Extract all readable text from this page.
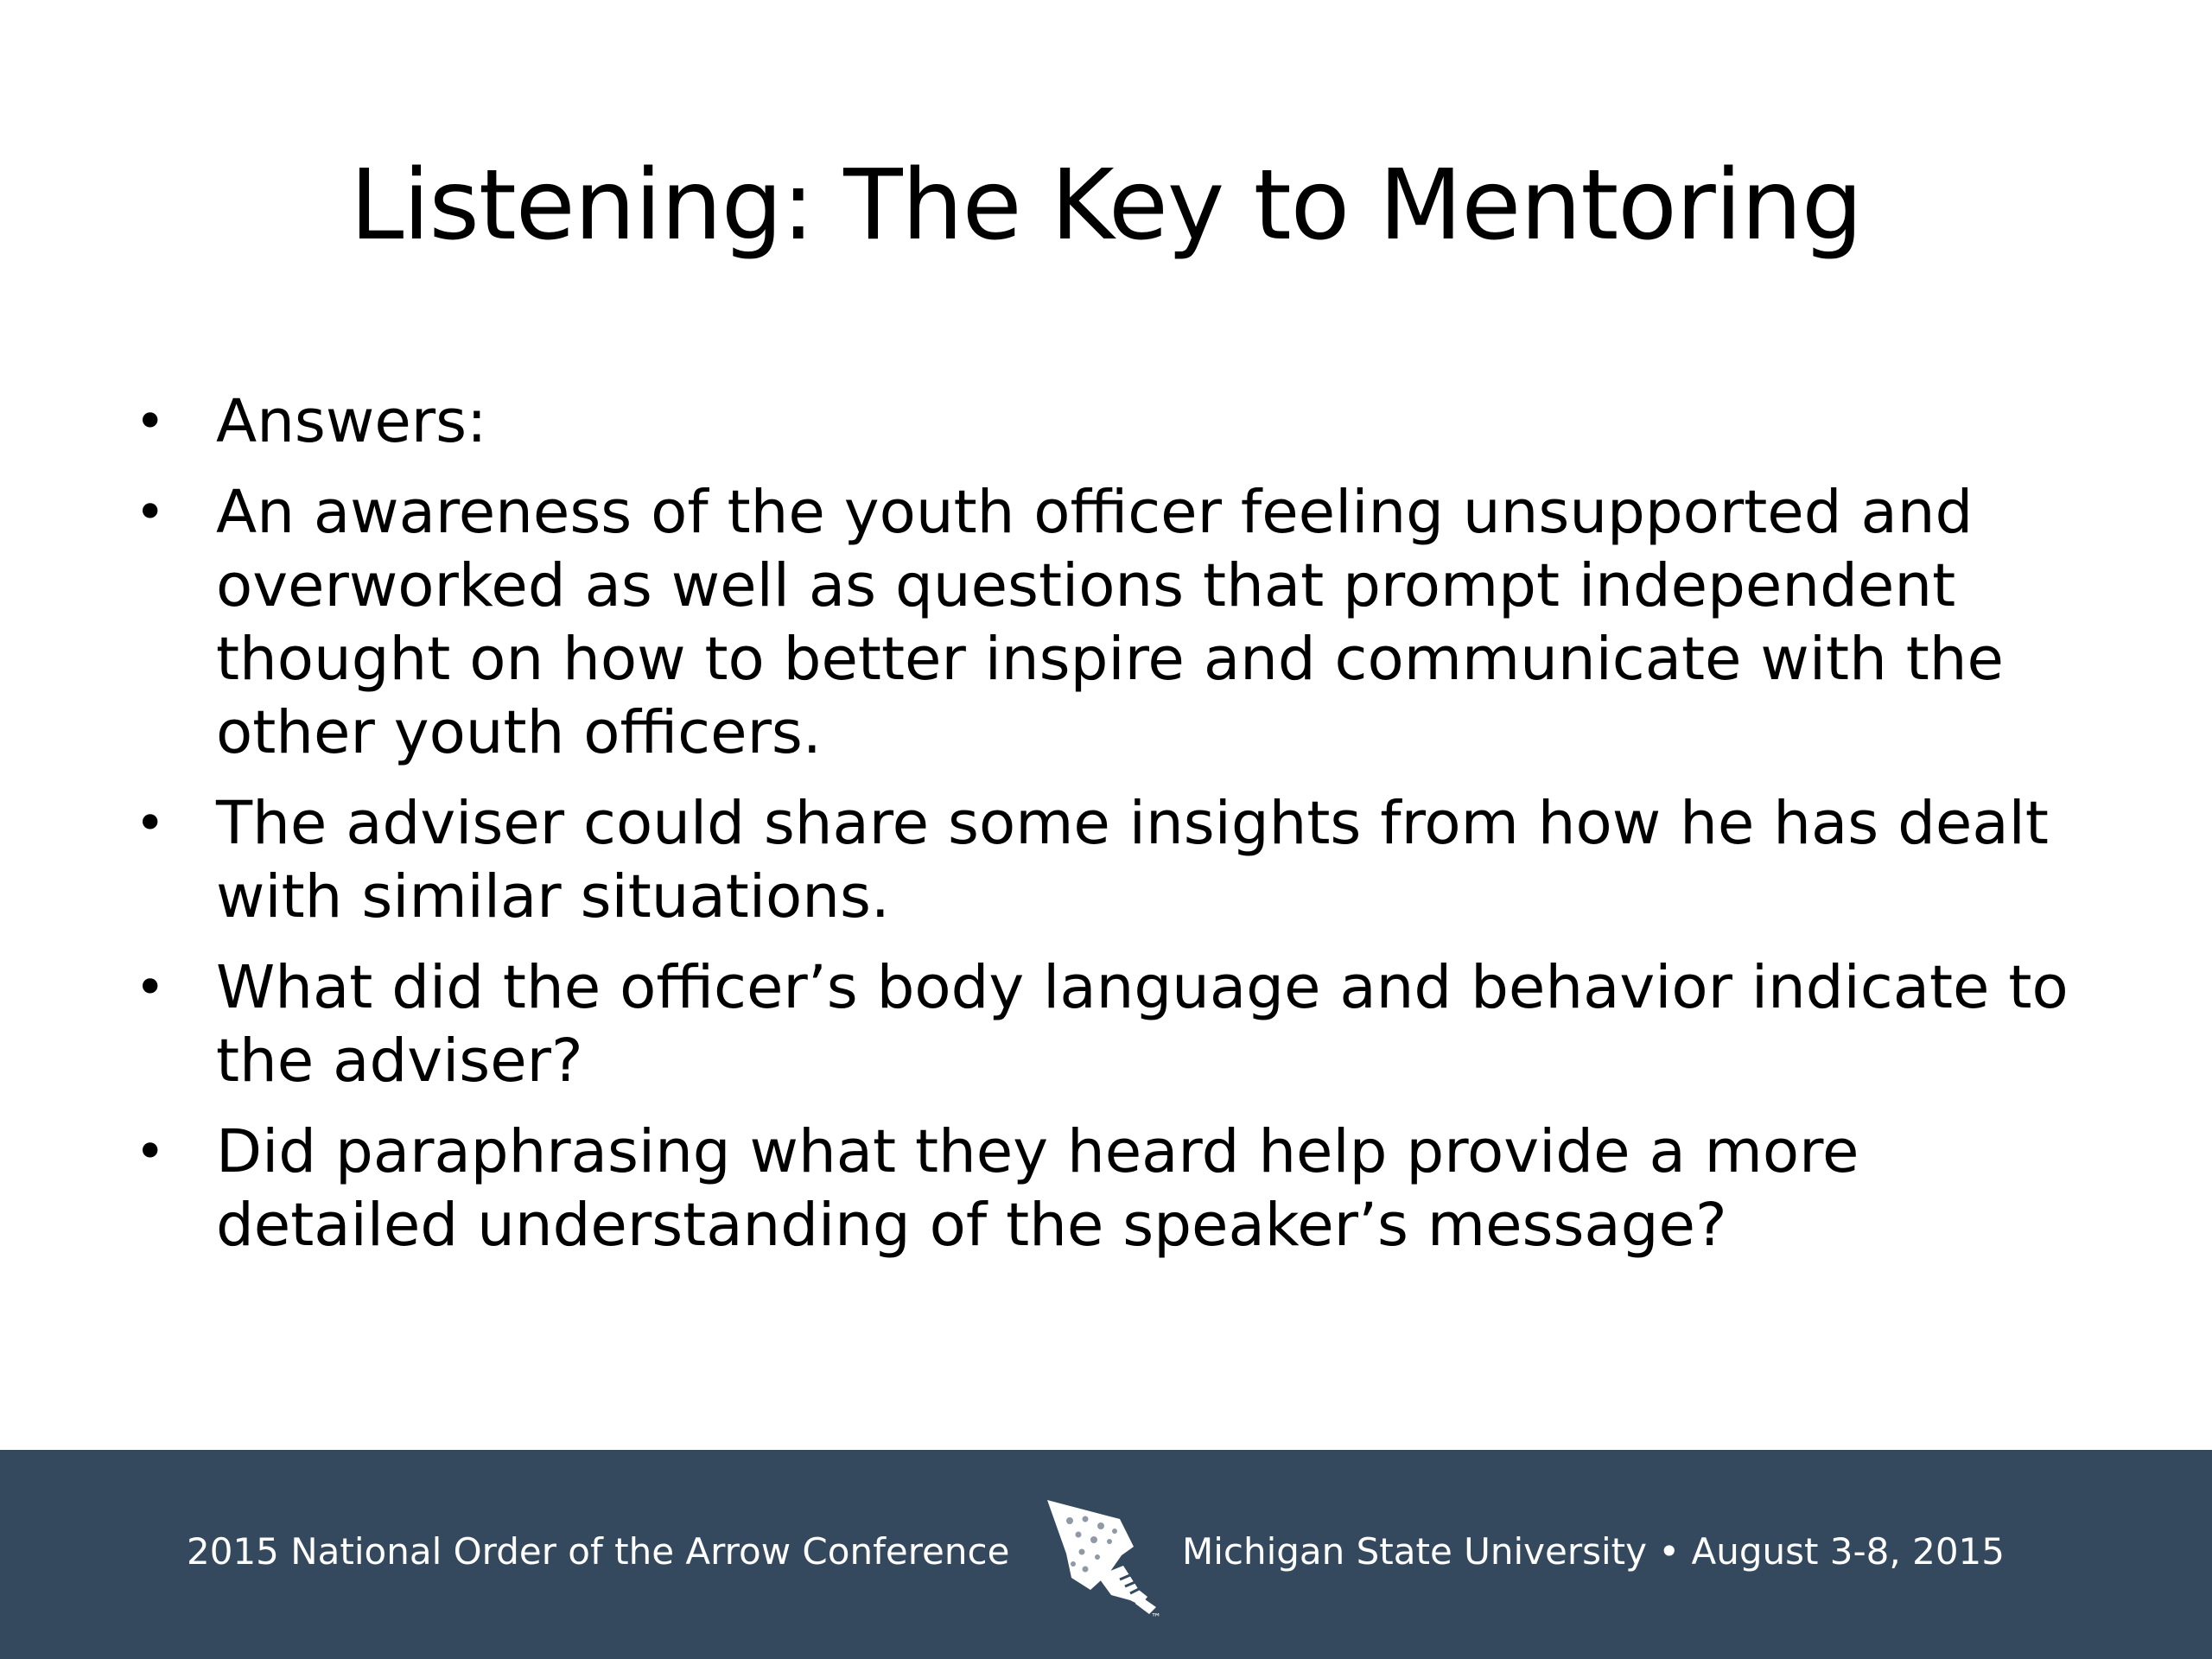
Listening: The Key to Mentoring
• Answers:
• An awareness of the youth officer feeling unsupported and overworked as well as questions that prompt independent thought on how to better inspire and communicate with the other youth officers.
• The adviser could share some insights from how he has dealt with similar situations.
• What did the officer’s body language and behavior indicate to the adviser?
• Did paraphrasing what they heard help provide a more detailed understanding of the speaker’s message?
2015 National Order of the Arrow Conference
™
Michigan State University • August 3-8, 2015
